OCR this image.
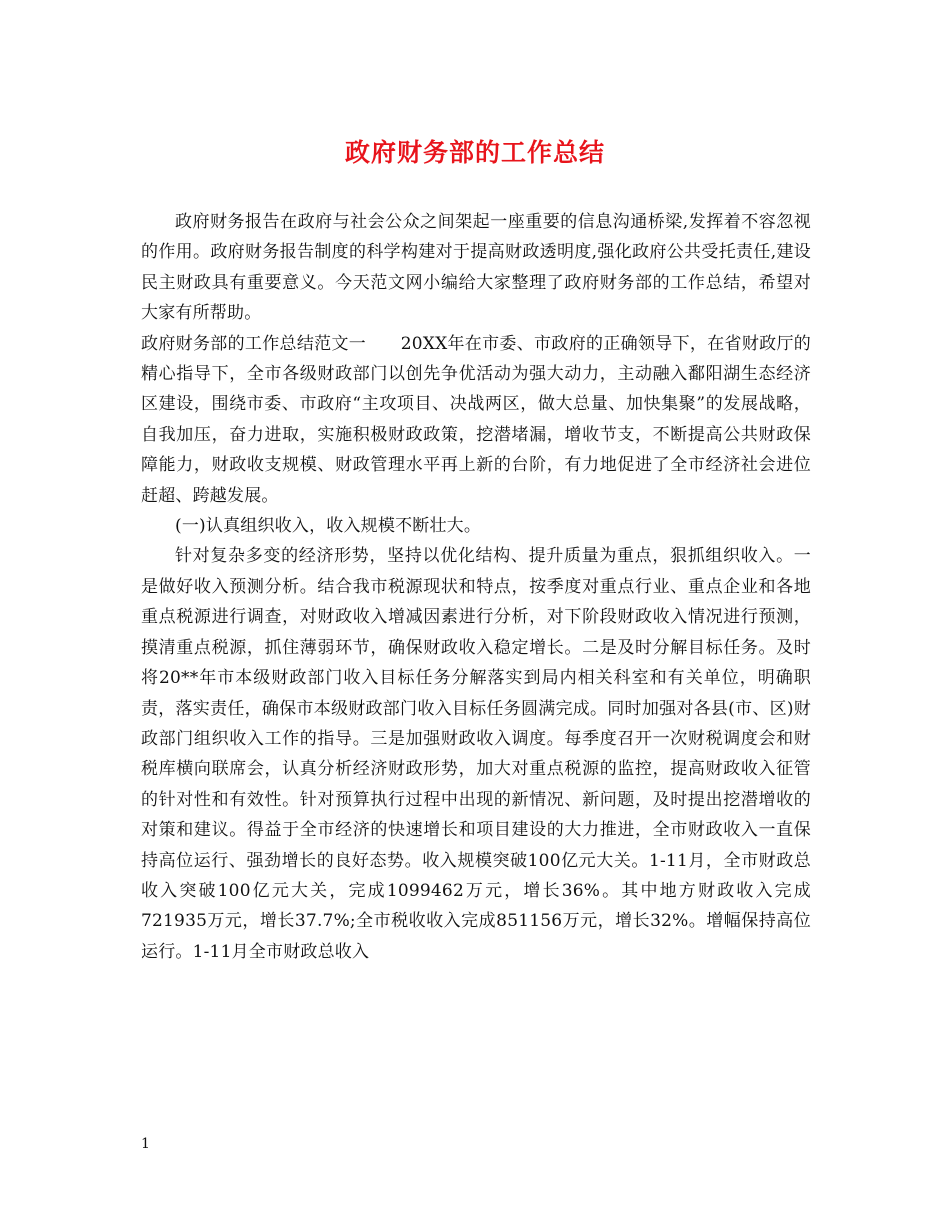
政府财务部的工作总结

政府财务报告在政府与社会公众之间架起一座重要的信息沟通桥梁,发挥着不容忽视的作用。政府财务报告制度的科学构建对于提高财政透明度,强化政府公共受托责任,建设民主财政具有重要意义。今天范文网小编给大家整理了政府财务部的工作总结，希望对大家有所帮助。

政府财务部的工作总结范文一　　20XX年在市委、市政府的正确领导下，在省财政厅的精心指导下，全市各级财政部门以创先争优活动为强大动力，主动融入鄱阳湖生态经济区建设，围绕市委、市政府“主攻项目、决战两区，做大总量、加快集聚”的发展战略，自我加压，奋力进取，实施积极财政政策，挖潜堵漏，增收节支，不断提高公共财政保障能力，财政收支规模、财政管理水平再上新的台阶，有力地促进了全市经济社会进位赶超、跨越发展。

(一)认真组织收入，收入规模不断壮大。

针对复杂多变的经济形势，坚持以优化结构、提升质量为重点，狠抓组织收入。一是做好收入预测分析。结合我市税源现状和特点，按季度对重点行业、重点企业和各地重点税源进行调查，对财政收入增减因素进行分析，对下阶段财政收入情况进行预测，摸清重点税源，抓住薄弱环节，确保财政收入稳定增长。二是及时分解目标任务。及时将20**年市本级财政部门收入目标任务分解落实到局内相关科室和有关单位，明确职责，落实责任，确保市本级财政部门收入目标任务圆满完成。同时加强对各县(市、区)财政部门组织收入工作的指导。三是加强财政收入调度。每季度召开一次财税调度会和财税库横向联席会，认真分析经济财政形势，加大对重点税源的监控，提高财政收入征管的针对性和有效性。针对预算执行过程中出现的新情况、新问题，及时提出挖潜增收的对策和建议。得益于全市经济的快速增长和项目建设的大力推进，全市财政收入一直保持高位运行、强劲增长的良好态势。收入规模突破100亿元大关。1-11月，全市财政总收入突破100亿元大关，完成1099462万元，增长36%。其中地方财政收入完成721935万元，增长37.7%;全市税收收入完成851156万元，增长32%。增幅保持高位运行。1-11月全市财政总收入

1
